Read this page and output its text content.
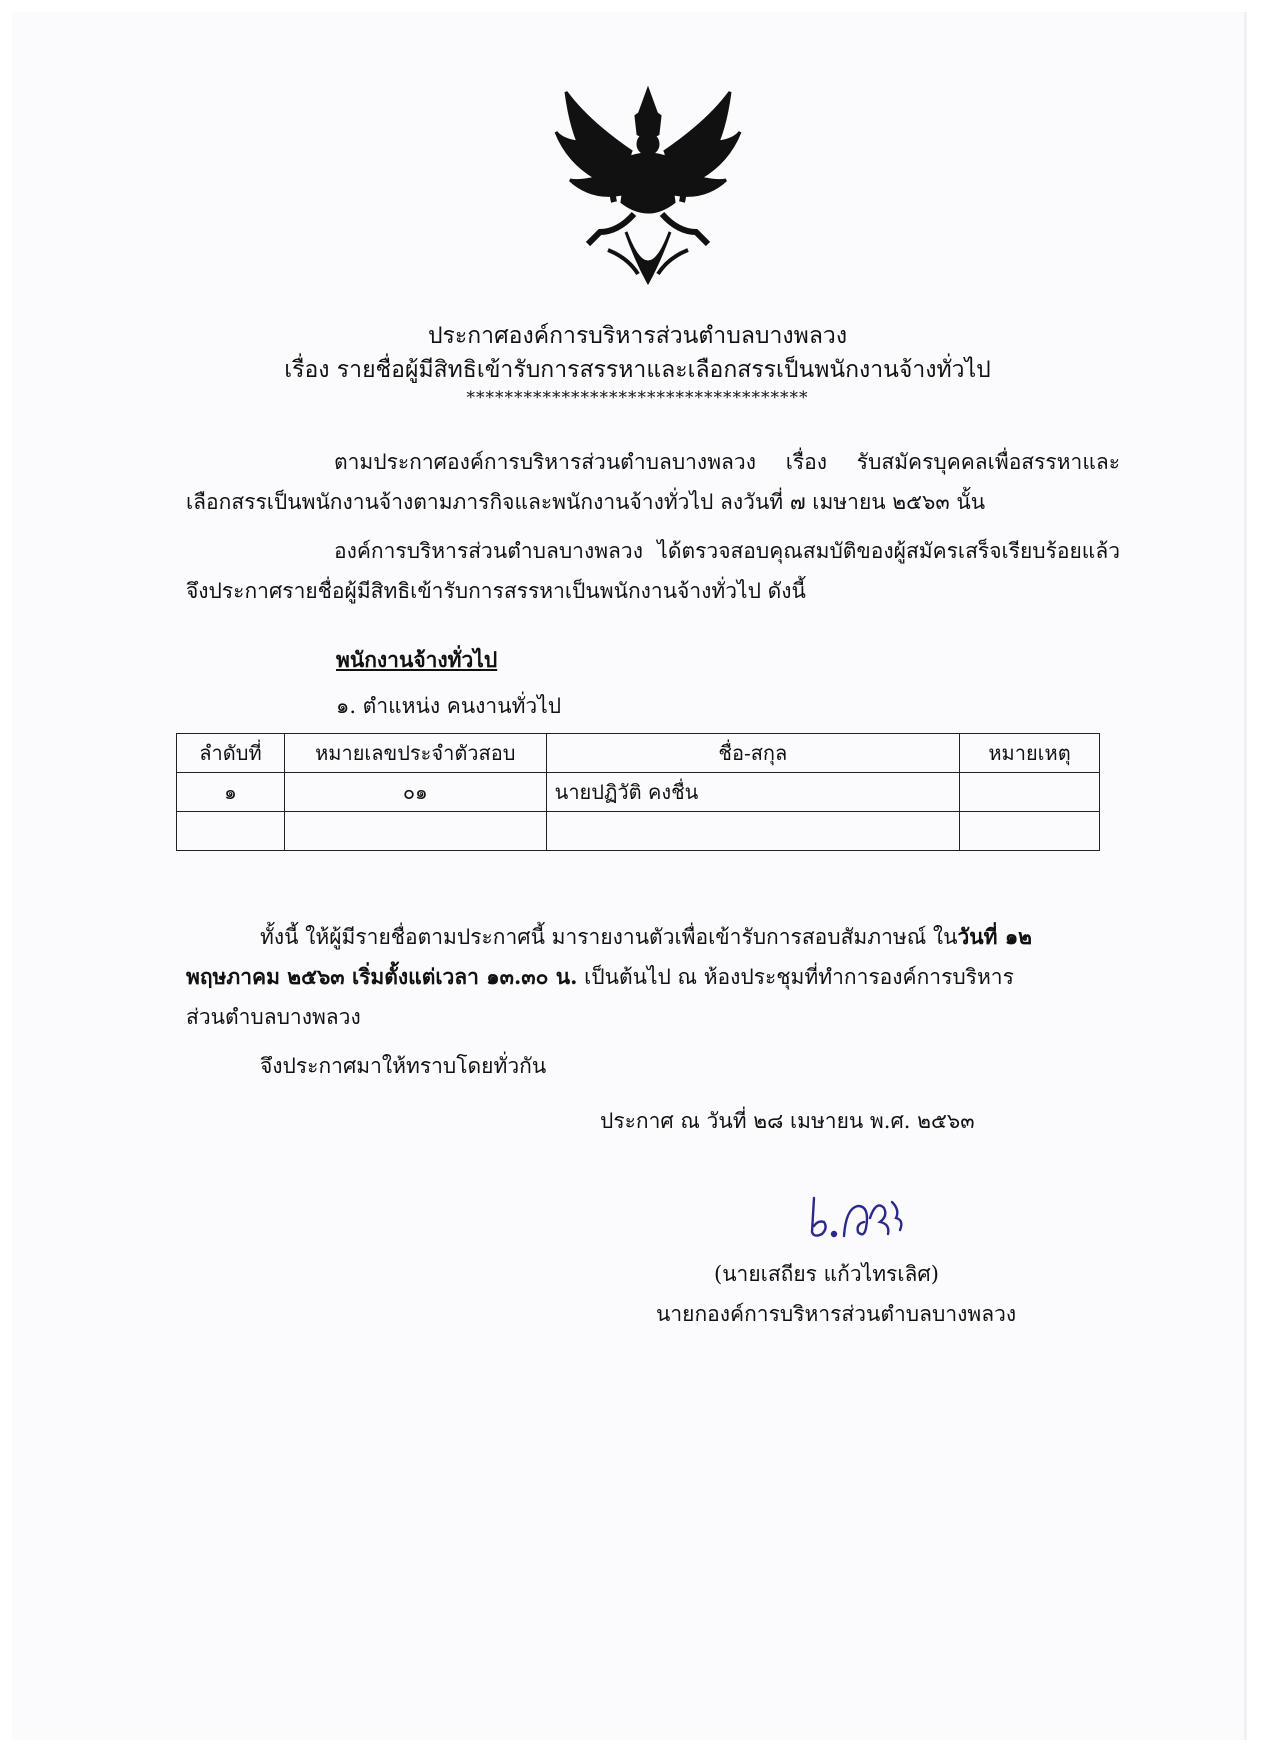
ประกาศองค์การบริหารส่วนตำบลบางพลวง
เรื่อง รายชื่อผู้มีสิทธิเข้ารับการสรรหาและเลือกสรรเป็นพนักงานจ้างทั่วไป
************************************
ตามประกาศองค์การบริหารส่วนตำบลบางพลวง เรื่อง รับสมัครบุคคลเพื่อสรรหาและ
เลือกสรรเป็นพนักงานจ้างตามภารกิจและพนักงานจ้างทั่วไป ลงวันที่ ๗ เมษายน ๒๕๖๓ นั้น
องค์การบริหารส่วนตำบลบางพลวง ได้ตรวจสอบคุณสมบัติของผู้สมัครเสร็จเรียบร้อยแล้ว
จึงประกาศรายชื่อผู้มีสิทธิเข้ารับการสรรหาเป็นพนักงานจ้างทั่วไป ดังนี้
พนักงานจ้างทั่วไป
๑. ตำแหน่ง คนงานทั่วไป
ลำดับที่	หมายเลขประจำตัวสอบ	ชื่อ-สกุล	หมายเหตุ
๑	๐๑	นายปฏิวัติ คงชื่น	

ทั้งนี้ ให้ผู้มีรายชื่อตามประกาศนี้ มารายงานตัวเพื่อเข้ารับการสอบสัมภาษณ์ ในวันที่ ๑๒
พฤษภาคม ๒๕๖๓ เริ่มตั้งแต่เวลา ๑๓.๓๐ น. เป็นต้นไป ณ ห้องประชุมที่ทำการองค์การบริหาร
ส่วนตำบลบางพลวง
จึงประกาศมาให้ทราบโดยทั่วกัน
ประกาศ ณ วันที่ ๒๘ เมษายน พ.ศ. ๒๕๖๓
(นายเสถียร แก้วไทรเลิศ)
นายกองค์การบริหารส่วนตำบลบางพลวง
